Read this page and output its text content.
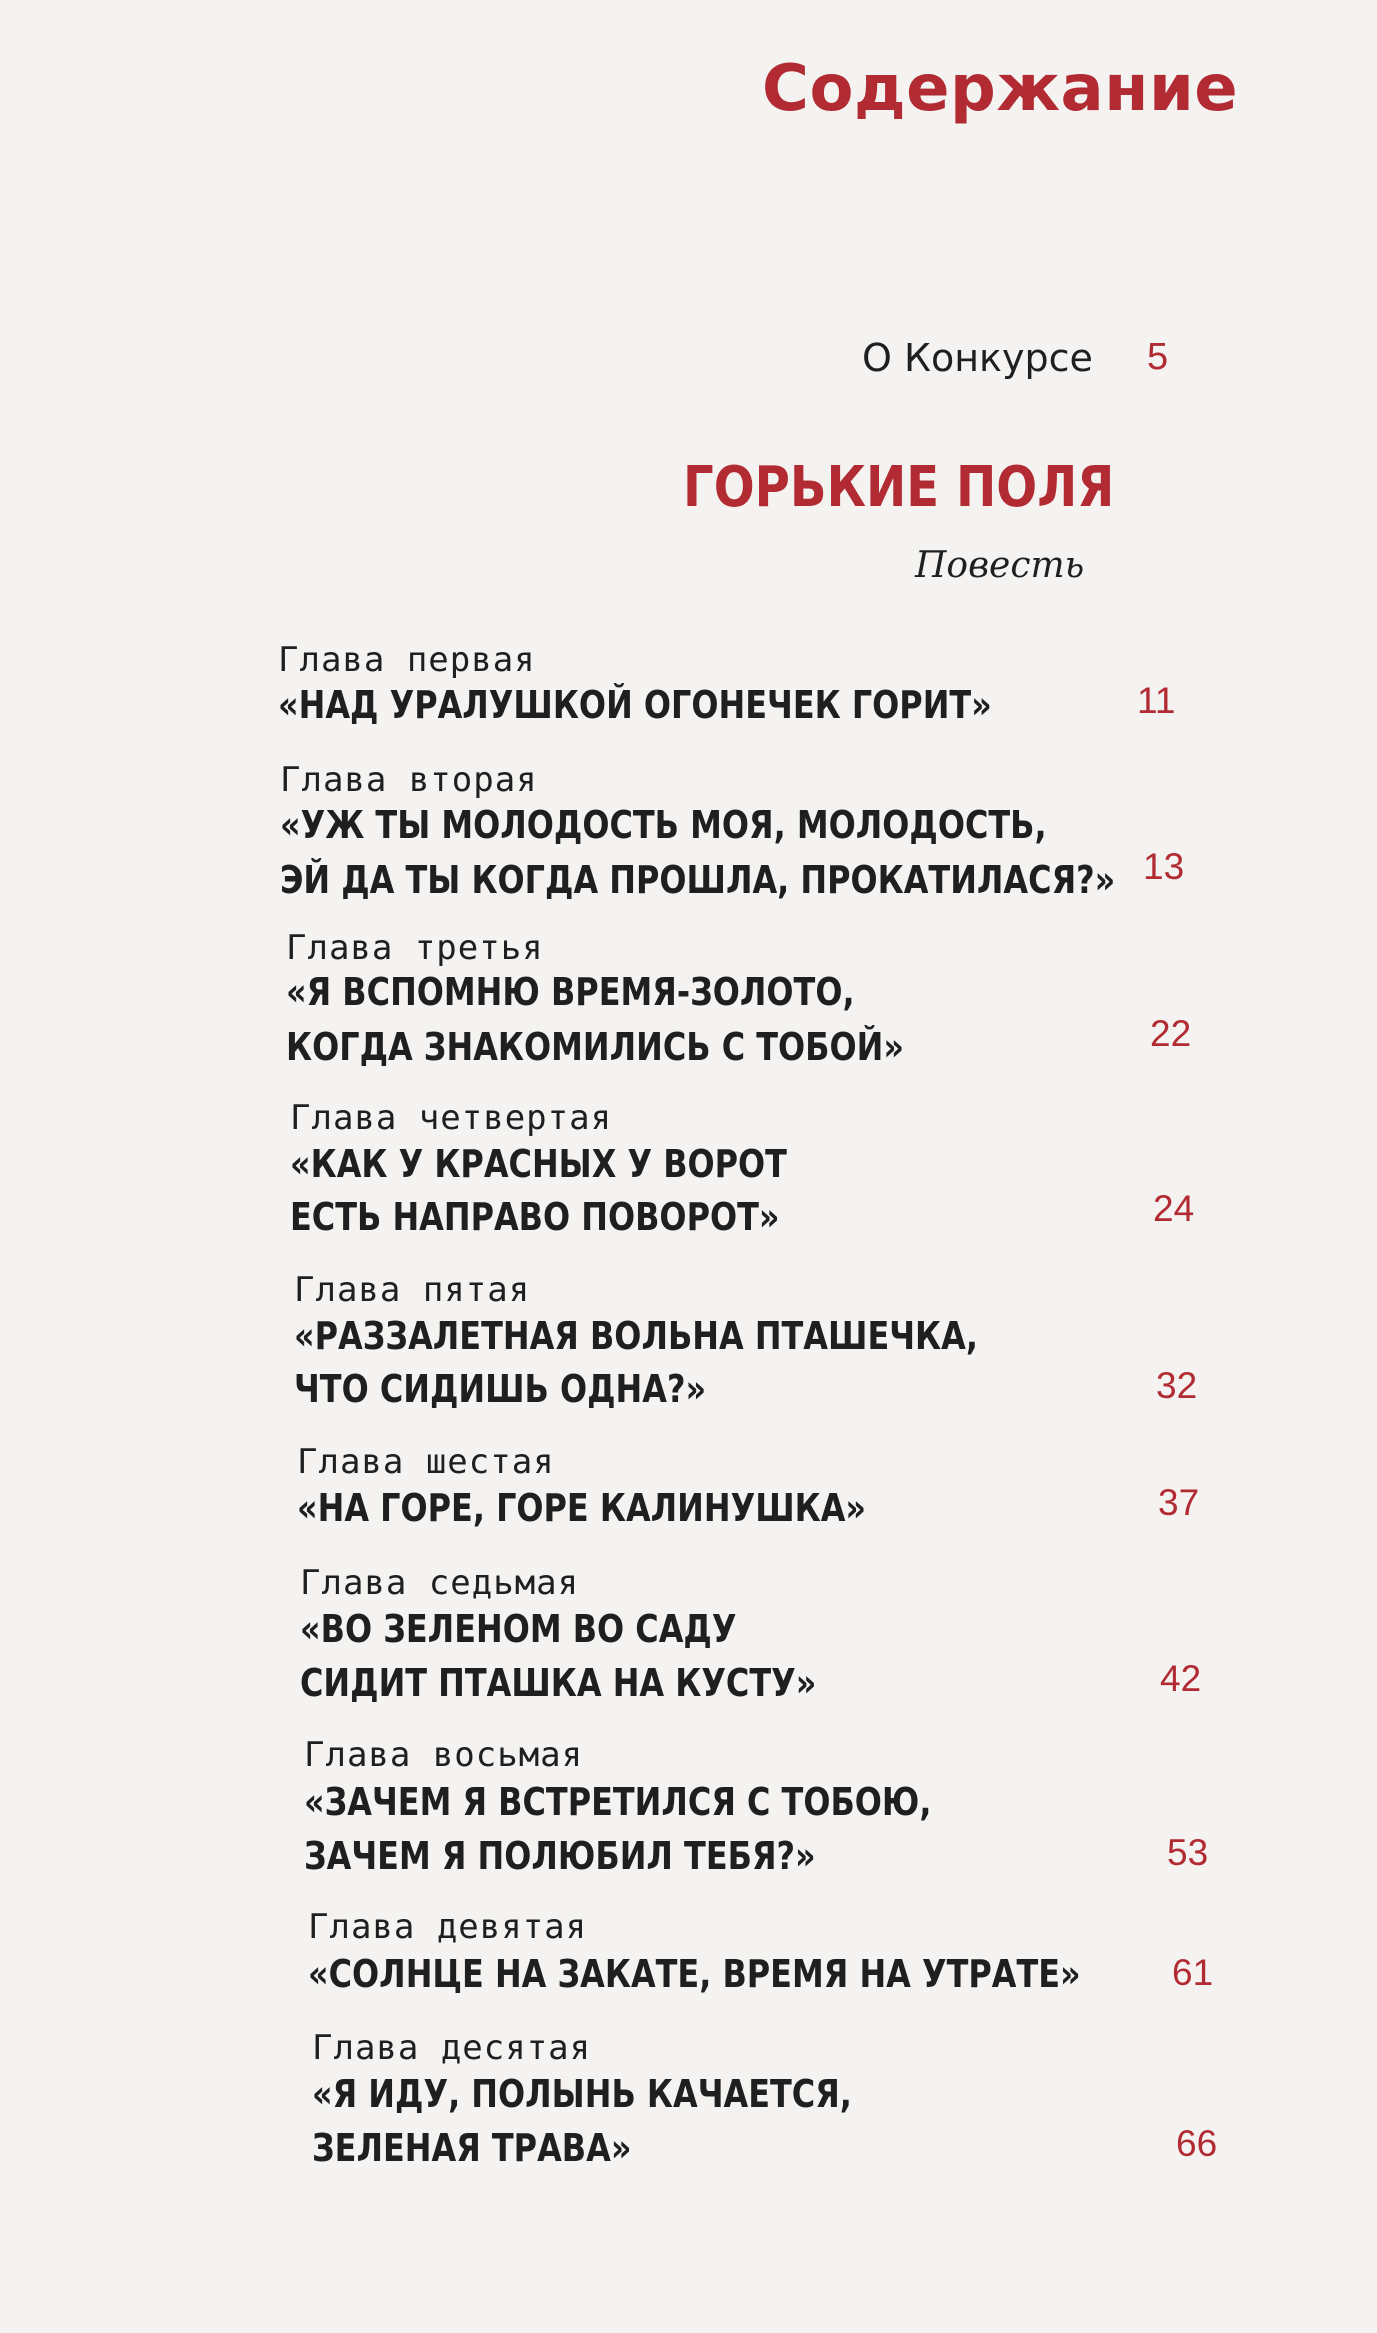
Содержание
О Конкурсе 5
ГОРЬКИЕ ПОЛЯ
Повесть
Глава первая
«НАД УРАЛУШКОЙ ОГОНЕЧЕК ГОРИТ»	11
Глава вторая
«УЖ ТЫ МОЛОДОСТЬ МОЯ, МОЛОДОСТЬ,
ЭЙ ДА ТЫ КОГДА ПРОШЛА, ПРОКАТИЛАСЯ?» 13
Глава третья
«Я ВСПОМНЮ ВРЕМЯ-ЗОЛОТО,
КОГДА ЗНАКОМИЛИСЬ С ТОБОЙ»	22
Глава четвертая
«КАК У КРАСНЫХ У ВОРОТ
ЕСТЬ НАПРАВО ПОВОРОТ»	24
Глава пятая
«РАЗЗАЛЕТНАЯ ВОЛЬНА ПТАШЕЧКА,
ЧТО СИДИШЬ ОДНА?»	32
Глава шестая
«НА ГОРЕ, ГОРЕ КАЛИНУШКА»	37
Глава седьмая
«ВО ЗЕЛЕНОМ ВО САДУ
СИДИТ ПТАШКА НА КУСТУ»	42
Глава восьмая
«ЗАЧЕМ Я ВСТРЕТИЛСЯ С ТОБОЮ,
ЗАЧЕМ Я ПОЛЮБИЛ ТЕБЯ?»	53
Глава девятая
«СОЛНЦЕ НА ЗАКАТЕ, ВРЕМЯ НА УТРАТЕ» 61
Глава десятая
«Я ИДУ, ПОЛЫНЬ КАЧАЕТСЯ,
ЗЕЛЕНАЯ ТРАВА»	66
